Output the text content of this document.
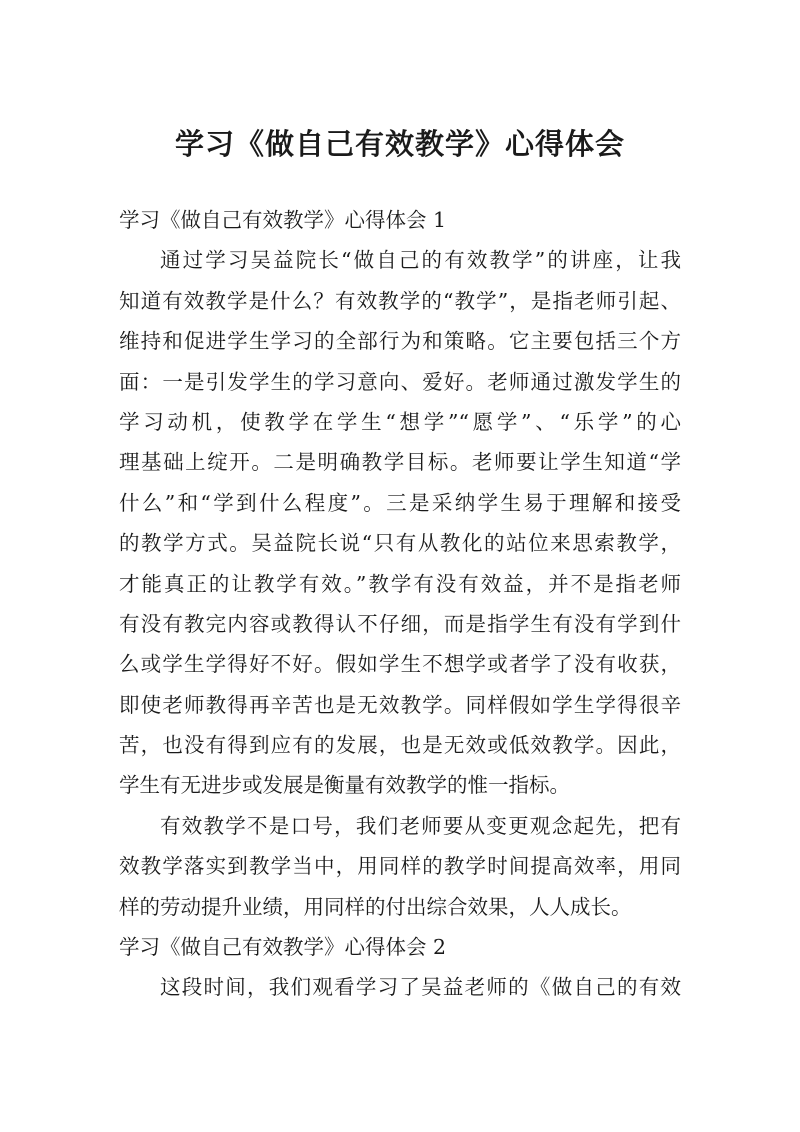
学习《做自己有效教学》心得体会
学习《做自己有效教学》心得体会 1
通过学习吴益院长“做自己的有效教学”的讲座，让我
知道有效教学是什么？有效教学的“教学”，是指老师引起、
维持和促进学生学习的全部行为和策略。它主要包括三个方
面：一是引发学生的学习意向、爱好。老师通过激发学生的
学习动机，使教学在学生“想学”“愿学”、“乐学”的心
理基础上绽开。二是明确教学目标。老师要让学生知道“学
什么”和“学到什么程度”。三是采纳学生易于理解和接受
的教学方式。吴益院长说“只有从教化的站位来思索教学，
才能真正的让教学有效。”教学有没有效益，并不是指老师
有没有教完内容或教得认不仔细，而是指学生有没有学到什
么或学生学得好不好。假如学生不想学或者学了没有收获，
即使老师教得再辛苦也是无效教学。同样假如学生学得很辛
苦，也没有得到应有的发展，也是无效或低效教学。因此，
学生有无进步或发展是衡量有效教学的惟一指标。
有效教学不是口号，我们老师要从变更观念起先，把有
效教学落实到教学当中，用同样的教学时间提高效率，用同
样的劳动提升业绩，用同样的付出综合效果，人人成长。
学习《做自己有效教学》心得体会 2
这段时间，我们观看学习了吴益老师的《做自己的有效
